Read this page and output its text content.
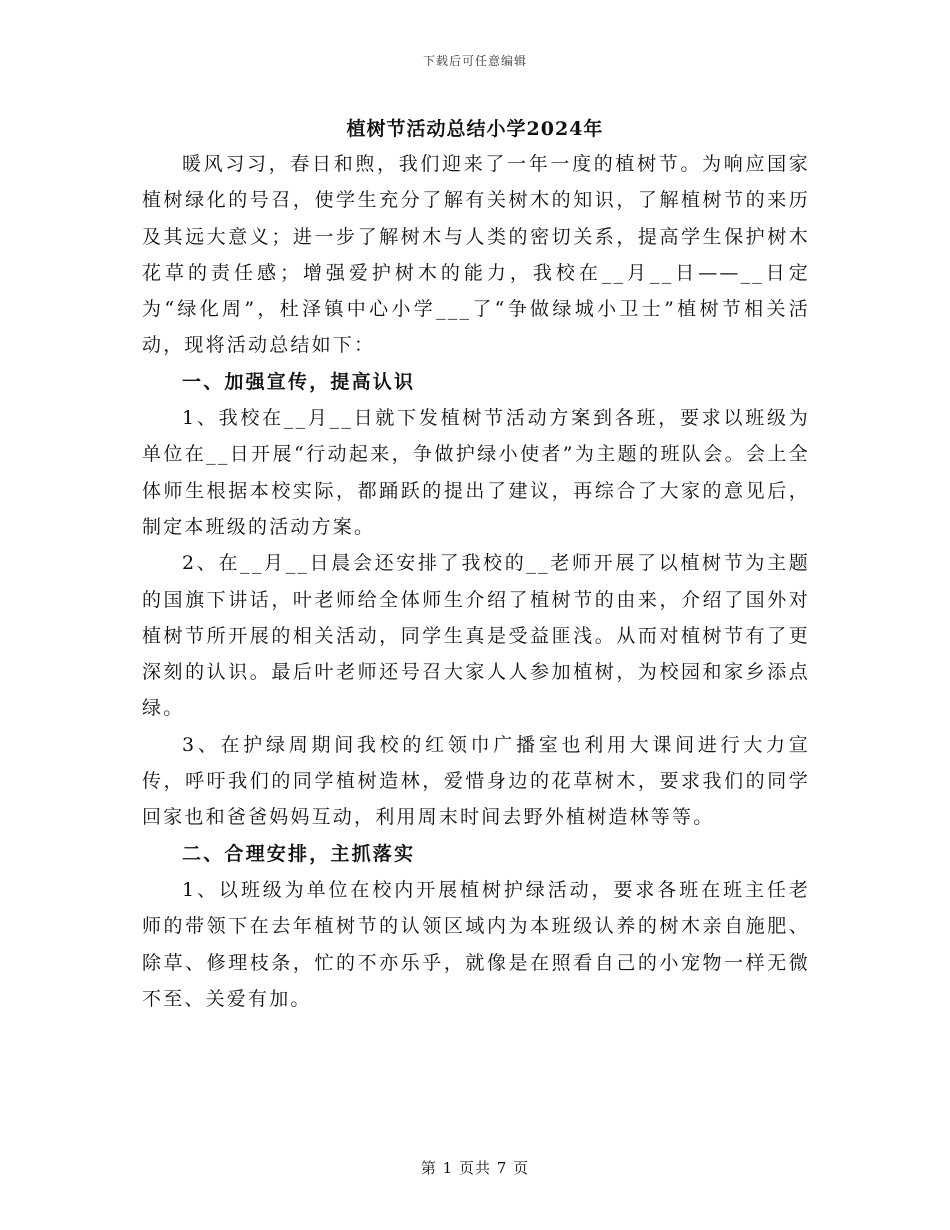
下载后可任意编辑
植树节活动总结小学2024年

暖风习习，春日和煦，我们迎来了一年一度的植树节。为响应国家植树绿化的号召，使学生充分了解有关树木的知识，了解植树节的来历及其远大意义；进一步了解树木与人类的密切关系，提高学生保护树木花草的责任感；增强爱护树木的能力，我校在__月__日——__日定为“绿化周”，杜泽镇中心小学___了“争做绿城小卫士”植树节相关活动，现将活动总结如下：

一、加强宣传，提高认识

1、我校在__月__日就下发植树节活动方案到各班，要求以班级为单位在__日开展“行动起来，争做护绿小使者”为主题的班队会。会上全体师生根据本校实际，都踊跃的提出了建议，再综合了大家的意见后，制定本班级的活动方案。

2、在__月__日晨会还安排了我校的__老师开展了以植树节为主题的国旗下讲话，叶老师给全体师生介绍了植树节的由来，介绍了国外对植树节所开展的相关活动，同学生真是受益匪浅。从而对植树节有了更深刻的认识。最后叶老师还号召大家人人参加植树，为校园和家乡添点绿。

3、在护绿周期间我校的红领巾广播室也利用大课间进行大力宣传，呼吁我们的同学植树造林，爱惜身边的花草树木，要求我们的同学回家也和爸爸妈妈互动，利用周末时间去野外植树造林等等。

二、合理安排，主抓落实

1、以班级为单位在校内开展植树护绿活动，要求各班在班主任老师的带领下在去年植树节的认领区域内为本班级认养的树木亲自施肥、除草、修理枝条，忙的不亦乐乎，就像是在照看自己的小宠物一样无微不至、关爱有加。

第 1 页共 7 页
